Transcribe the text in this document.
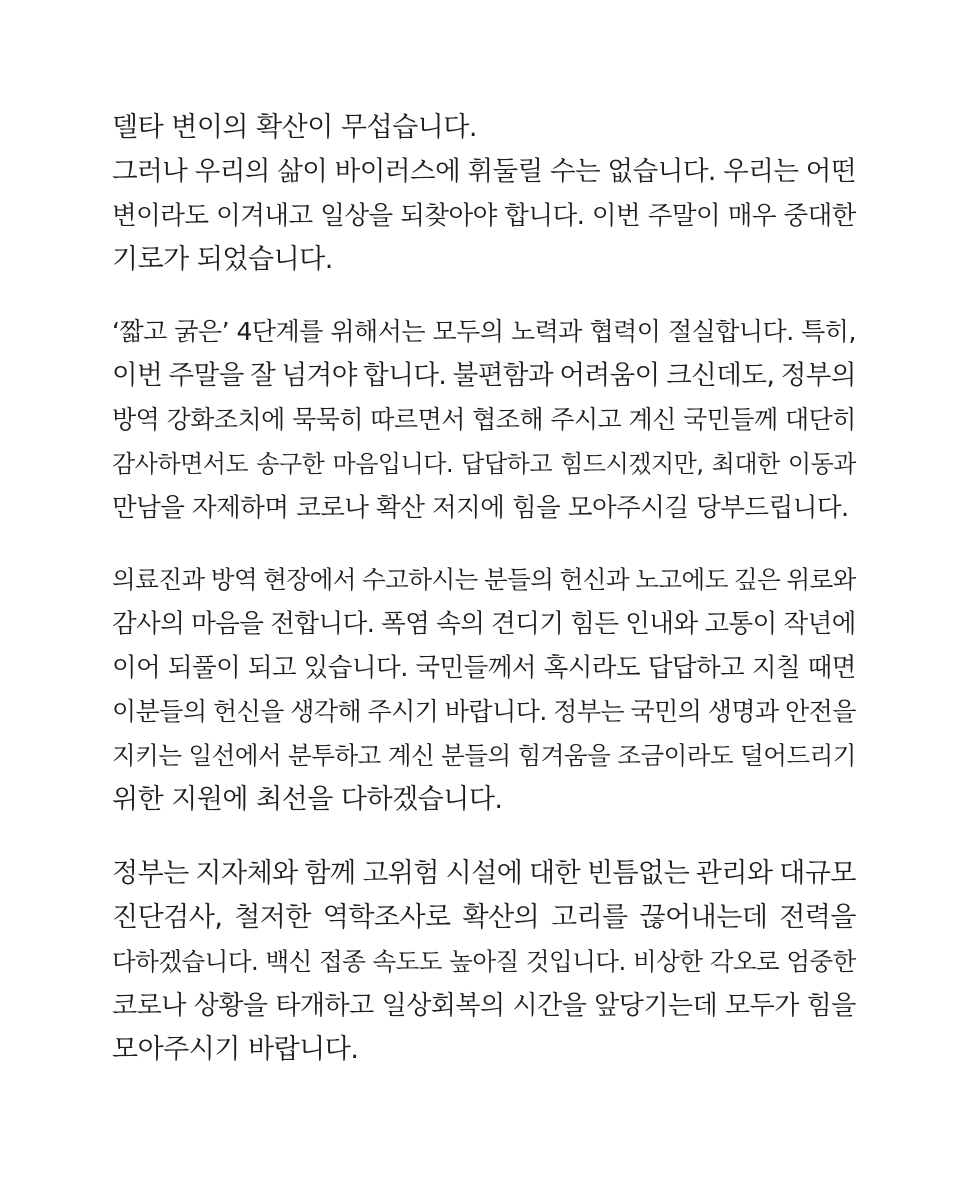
델타 변이의 확산이 무섭습니다.
그러나 우리의 삶이 바이러스에 휘둘릴 수는 없습니다. 우리는 어떤
변이라도 이겨내고 일상을 되찾아야 합니다. 이번 주말이 매우 중대한
기로가 되었습니다.
‘짧고 굵은’ 4단계를 위해서는 모두의 노력과 협력이 절실합니다. 특히,
이번 주말을 잘 넘겨야 합니다. 불편함과 어려움이 크신데도, 정부의
방역 강화조치에 묵묵히 따르면서 협조해 주시고 계신 국민들께 대단히
감사하면서도 송구한 마음입니다. 답답하고 힘드시겠지만, 최대한 이동과
만남을 자제하며 코로나 확산 저지에 힘을 모아주시길 당부드립니다.
의료진과 방역 현장에서 수고하시는 분들의 헌신과 노고에도 깊은 위로와
감사의 마음을 전합니다. 폭염 속의 견디기 힘든 인내와 고통이 작년에
이어 되풀이 되고 있습니다. 국민들께서 혹시라도 답답하고 지칠 때면
이분들의 헌신을 생각해 주시기 바랍니다. 정부는 국민의 생명과 안전을
지키는 일선에서 분투하고 계신 분들의 힘겨움을 조금이라도 덜어드리기
위한 지원에 최선을 다하겠습니다.
정부는 지자체와 함께 고위험 시설에 대한 빈틈없는 관리와 대규모
진단검사, 철저한 역학조사로 확산의 고리를 끊어내는데 전력을
다하겠습니다. 백신 접종 속도도 높아질 것입니다. 비상한 각오로 엄중한
코로나 상황을 타개하고 일상회복의 시간을 앞당기는데 모두가 힘을
모아주시기 바랍니다.
